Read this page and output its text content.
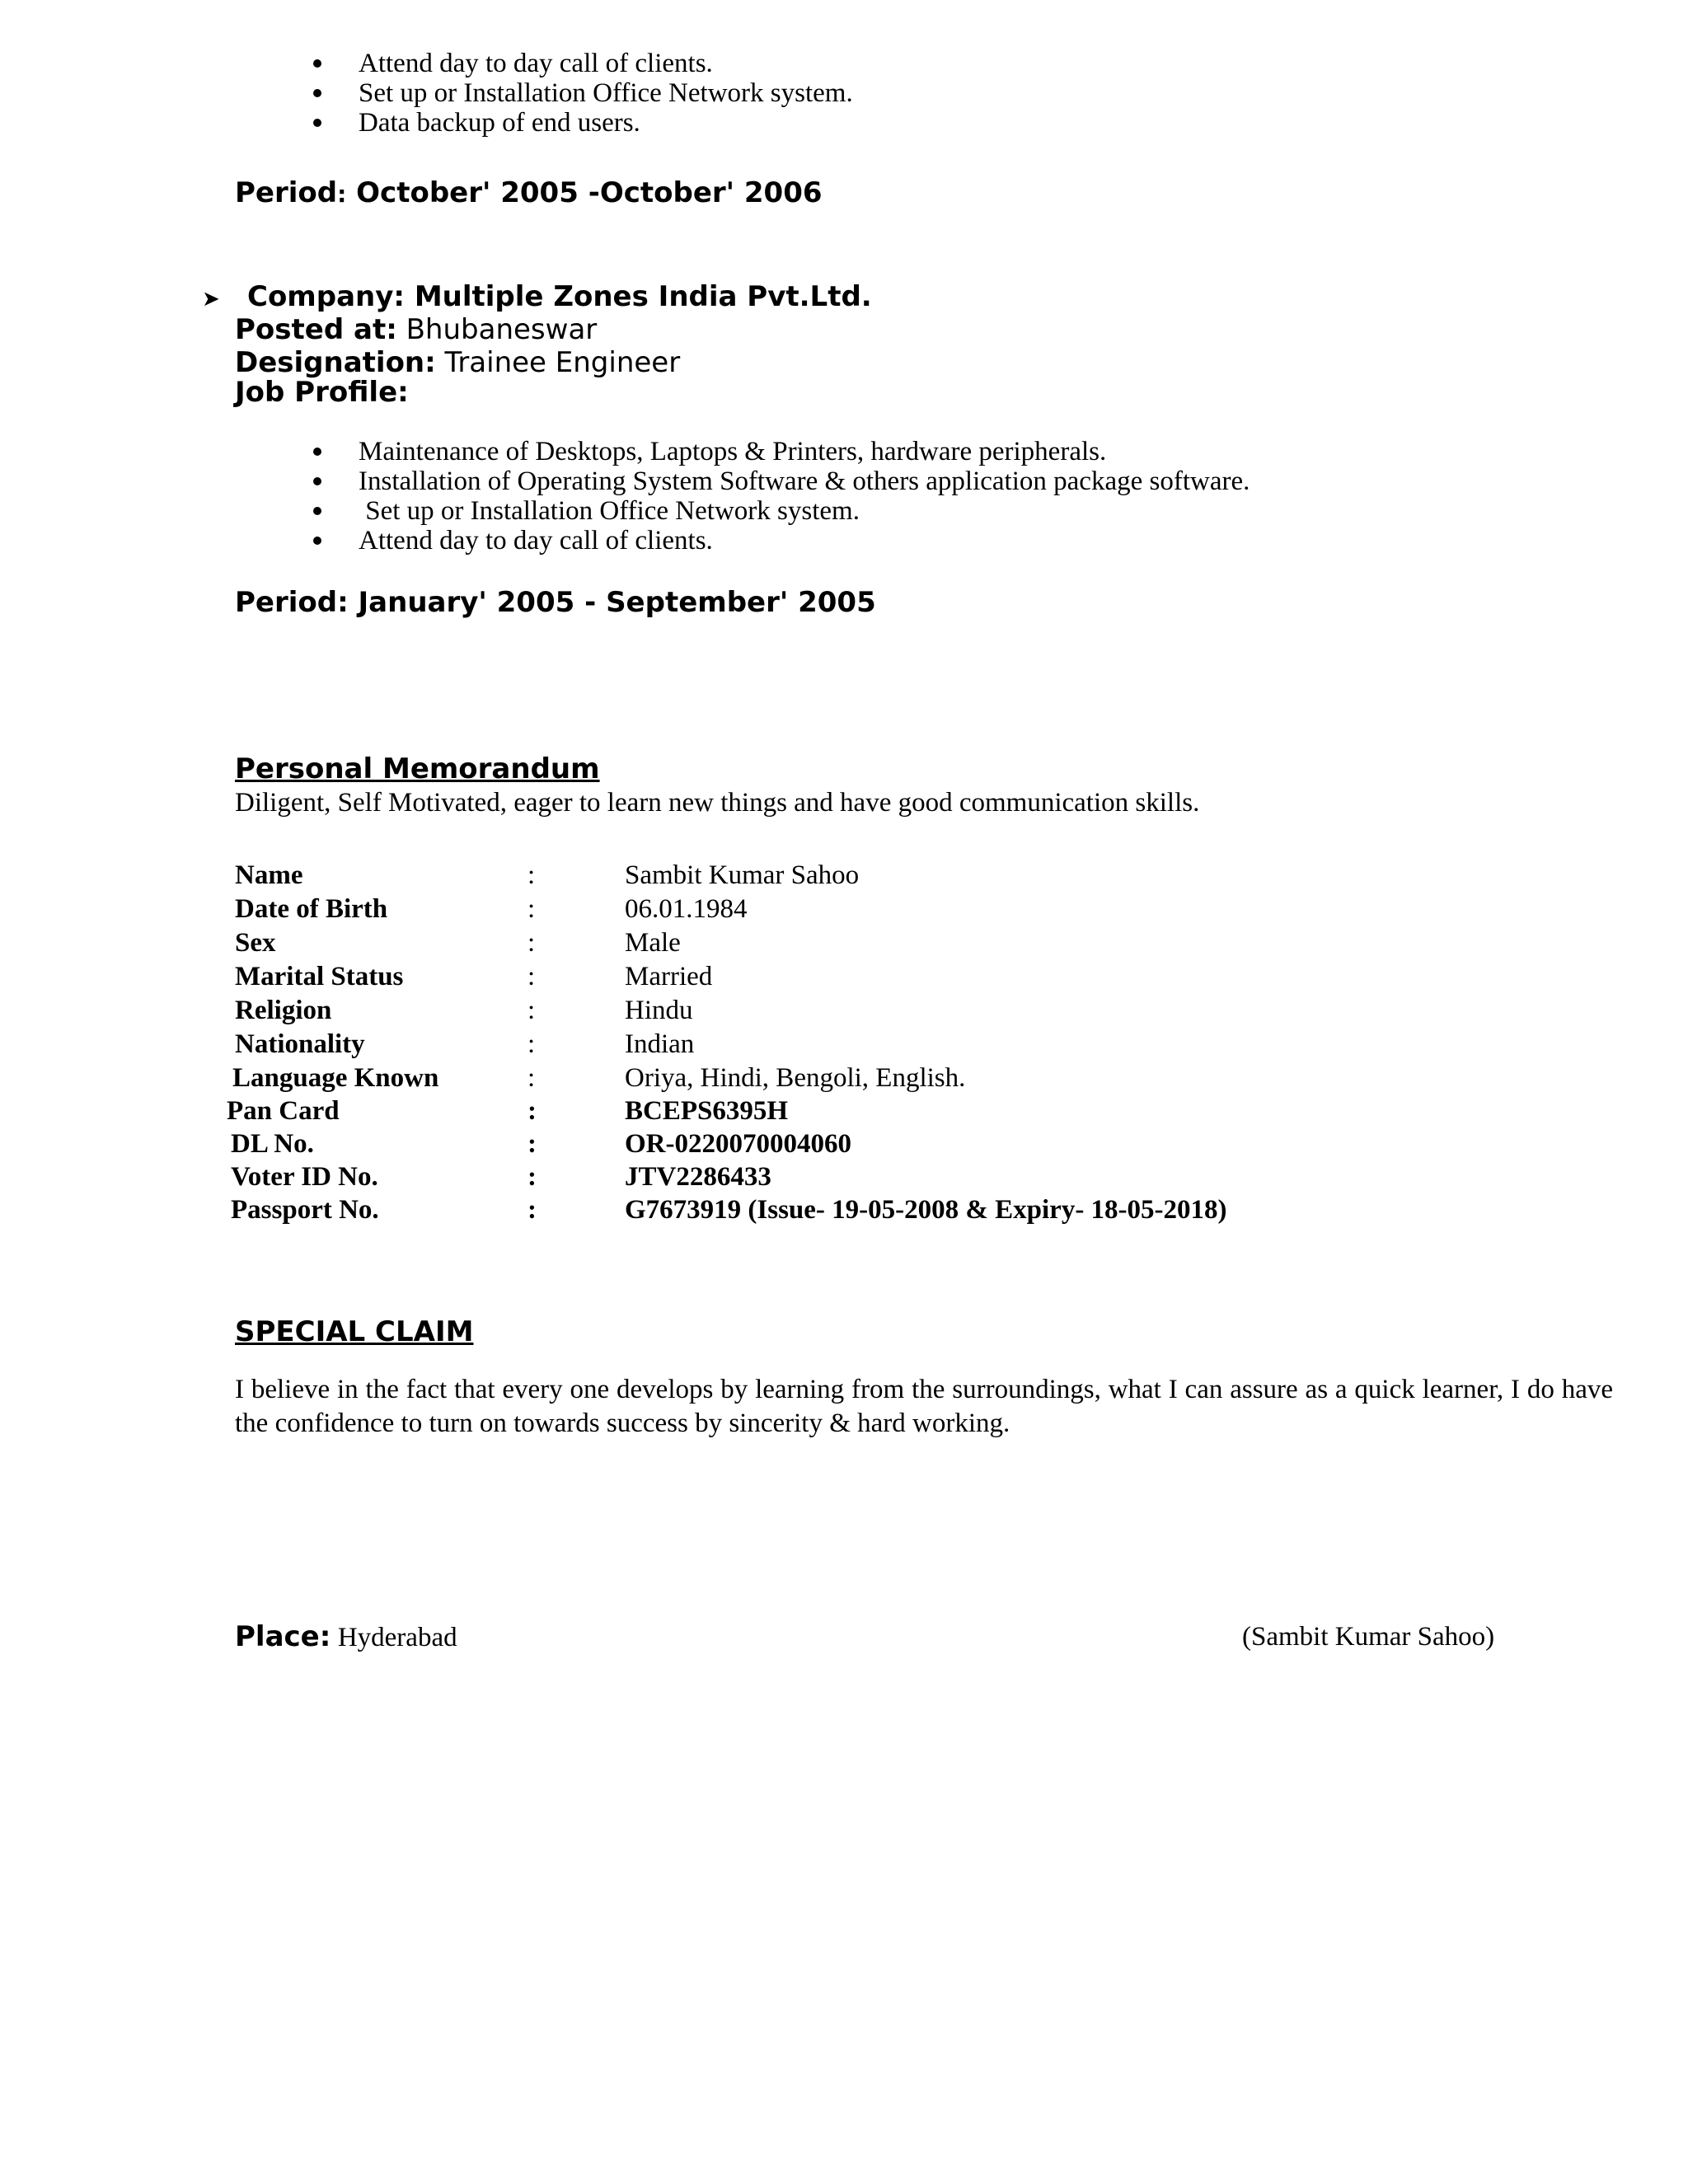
Attend day to day call of clients.
Set up or Installation Office Network system.
Data backup of end users.
Period: October' 2005 -October' 2006
➤ Company: Multiple Zones India Pvt.Ltd.
Posted at: Bhubaneswar
Designation: Trainee Engineer
Job Profile:
Maintenance of Desktops, Laptops & Printers, hardware peripherals.
Installation of Operating System Software & others application package software.
Set up or Installation Office Network system.
Attend day to day call of clients.
Period: January' 2005 - September' 2005
Personal Memorandum
Diligent, Self Motivated, eager to learn new things and have good communication skills.
Name	:	Sambit Kumar Sahoo
Date of Birth	:	06.01.1984
Sex	:	Male
Marital Status	:	Married
Religion	:	Hindu
Nationality	:	Indian
Language Known	:	Oriya, Hindi, Bengoli, English.
Pan Card	:	BCEPS6395H
DL No.	:	OR-0220070004060
Voter ID No.	:	JTV2286433
Passport No.	:	G7673919 (Issue- 19-05-2008 & Expiry- 18-05-2018)
SPECIAL CLAIM
I believe in the fact that every one develops by learning from the surroundings, what I can assure as a quick learner, I do have the confidence to turn on towards success by sincerity & hard working.
Place: Hyderabad	(Sambit Kumar Sahoo)
